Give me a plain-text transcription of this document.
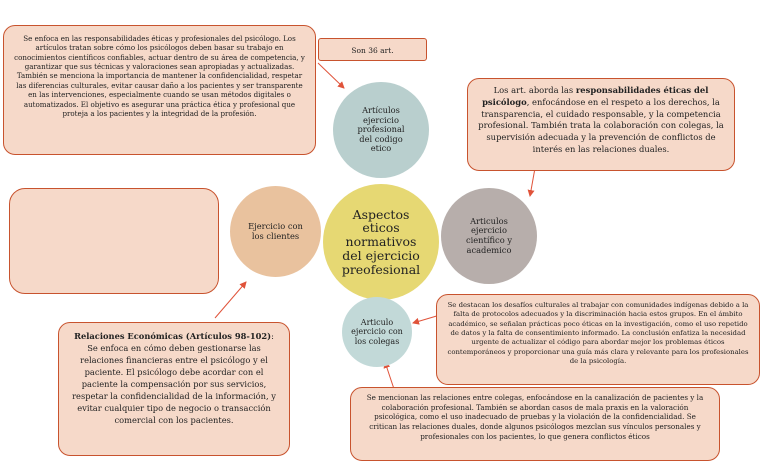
Se enfoca en las responsabilidades éticas y profesionales del psicólogo. Los artículos tratan sobre cómo los psicólogos deben basar su trabajo en conocimientos científicos confiables, actuar dentro de su área de competencia, y garantizar que sus técnicas y valoraciones sean apropiadas y actualizadas. También se menciona la importancia de mantener la confidencialidad, respetar las diferencias culturales, evitar causar daño a los pacientes y ser transparente en las intervenciones, especialmente cuando se usan métodos digitales o automatizados. El objetivo es asegurar una práctica ética y profesional que proteja a los pacientes y la integridad de la profesión.
Son 36 art.
Los art. aborda las responsabilidades éticas del psicólogo, enfocándose en el respeto a los derechos, la transparencia, el cuidado responsable, y la competencia profesional. También trata la colaboración con colegas, la supervisión adecuada y la prevención de conflictos de interés en las relaciones duales.
Se destacan los desafíos culturales al trabajar con comunidades indígenas debido a la falta de protocolos adecuados y la discriminación hacia estos grupos. En el ámbito académico, se señalan prácticas poco éticas en la investigación, como el uso repetido de datos y la falta de consentimiento informado. La conclusión enfatiza la necesidad urgente de actualizar el código para abordar mejor los problemas éticos contemporáneos y proporcionar una guía más clara y relevante para los profesionales de la psicología.
Relaciones Económicas (Artículos 98-102): Se enfoca en cómo deben gestionarse las relaciones financieras entre el psicólogo y el paciente. El psicólogo debe acordar con el paciente la compensación por sus servicios, respetar la confidencialidad de la información, y evitar cualquier tipo de negocio o transacción comercial con los pacientes.
Se mencionan las relaciones entre colegas, enfocándose en la canalización de pacientes y la colaboración profesional. También se abordan casos de mala praxis en la valoración psicológica, como el uso inadecuado de pruebas y la violación de la confidencialidad. Se critican las relaciones duales, donde algunos psicólogos mezclan sus vínculos personales y profesionales con los pacientes, lo que genera conflictos éticos
Artículos
ejercicio
profesional
del codigo
etico
Aspectos
eticos
normativos
del ejercicio
preofesional
Articulos
ejercicio
científico y
academico
Ejercicio con
los clientes
Articulo
ejercicio con
los colegas
